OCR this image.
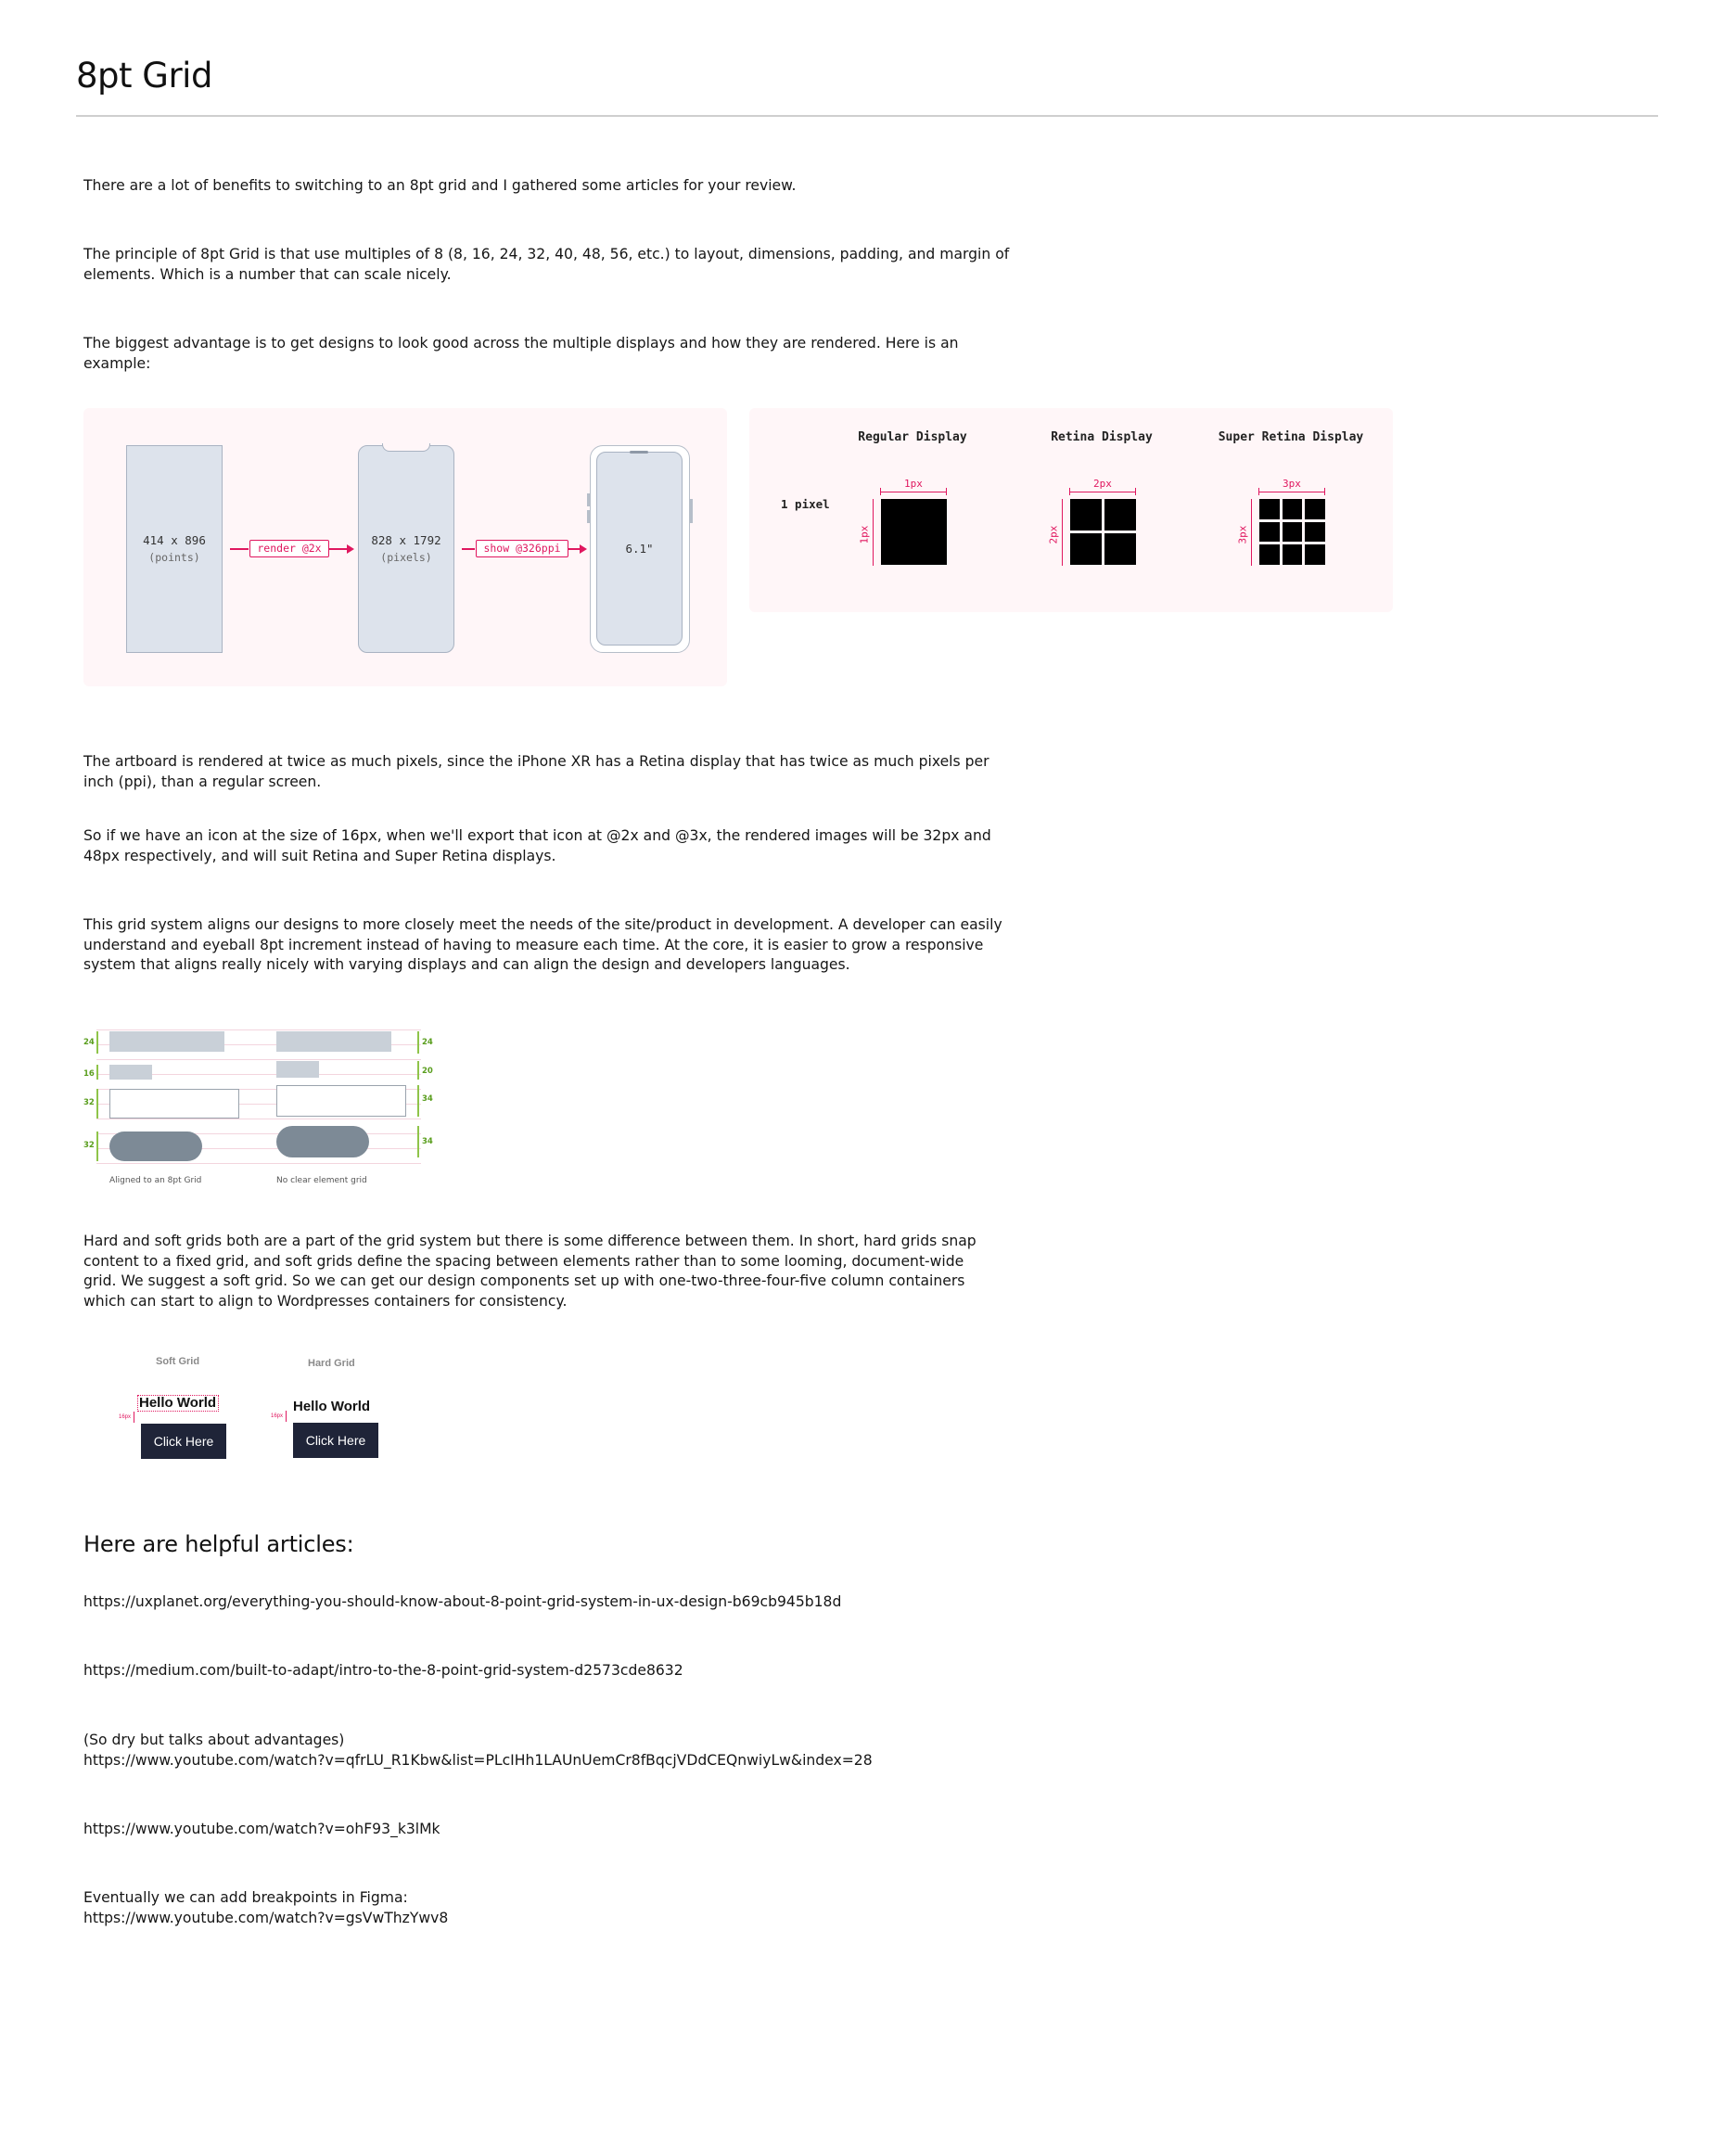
8pt Grid
There are a lot of benefits to switching to an 8pt grid and I gathered some articles for your review.
The principle of 8pt Grid is that use multiples of 8 (8, 16, 24, 32, 40, 48, 56, etc.) to layout, dimensions, padding, and margin of
elements. Which is a number that can scale nicely.
The biggest advantage is to get designs to look good across the multiple displays and how they are rendered. Here is an
example:
414 x 896
(points)
render @2x
828 x 1792
(pixels)
show @326ppi	6.1"
1 pixel
Regular Display
1px
1px
Retina Display
2px
2px
Super Retina Display
3px
3px
The artboard is rendered at twice as much pixels, since the iPhone XR has a Retina display that has twice as much pixels per
inch (ppi), than a regular screen.
So if we have an icon at the size of 16px, when we'll export that icon at @2x and @3x, the rendered images will be 32px and
48px respectively, and will suit Retina and Super Retina displays.
This grid system aligns our designs to more closely meet the needs of the site/product in development. A developer can easily
understand and eyeball 8pt increment instead of having to measure each time. At the core, it is easier to grow a responsive
system that aligns really nicely with varying displays and can align the design and developers languages.
24
16
32
32
Aligned to an 8pt Grid
24
20
34
34
No clear element grid
Hard and soft grids both are a part of the grid system but there is some difference between them. In short, hard grids snap
content to a fixed grid, and soft grids define the spacing between elements rather than to some looming, document-wide
grid. We suggest a soft grid. So we can get our design components set up with one-two-three-four-five column containers
which can start to align to Wordpresses containers for consistency.
Soft Grid
Hello World
16px
Click Here
Hard Grid
Hello World
16px
Click Here
Here are helpful articles:
https://uxplanet.org/everything-you-should-know-about-8-point-grid-system-in-ux-design-b69cb945b18d
https://medium.com/built-to-adapt/intro-to-the-8-point-grid-system-d2573cde8632
(So dry but talks about advantages)
https://www.youtube.com/watch?v=qfrLU_R1Kbw&list=PLcIHh1LAUnUemCr8fBqcjVDdCEQnwiyLw&index=28
https://www.youtube.com/watch?v=ohF93_k3lMk
Eventually we can add breakpoints in Figma:
https://www.youtube.com/watch?v=gsVwThzYwv8
